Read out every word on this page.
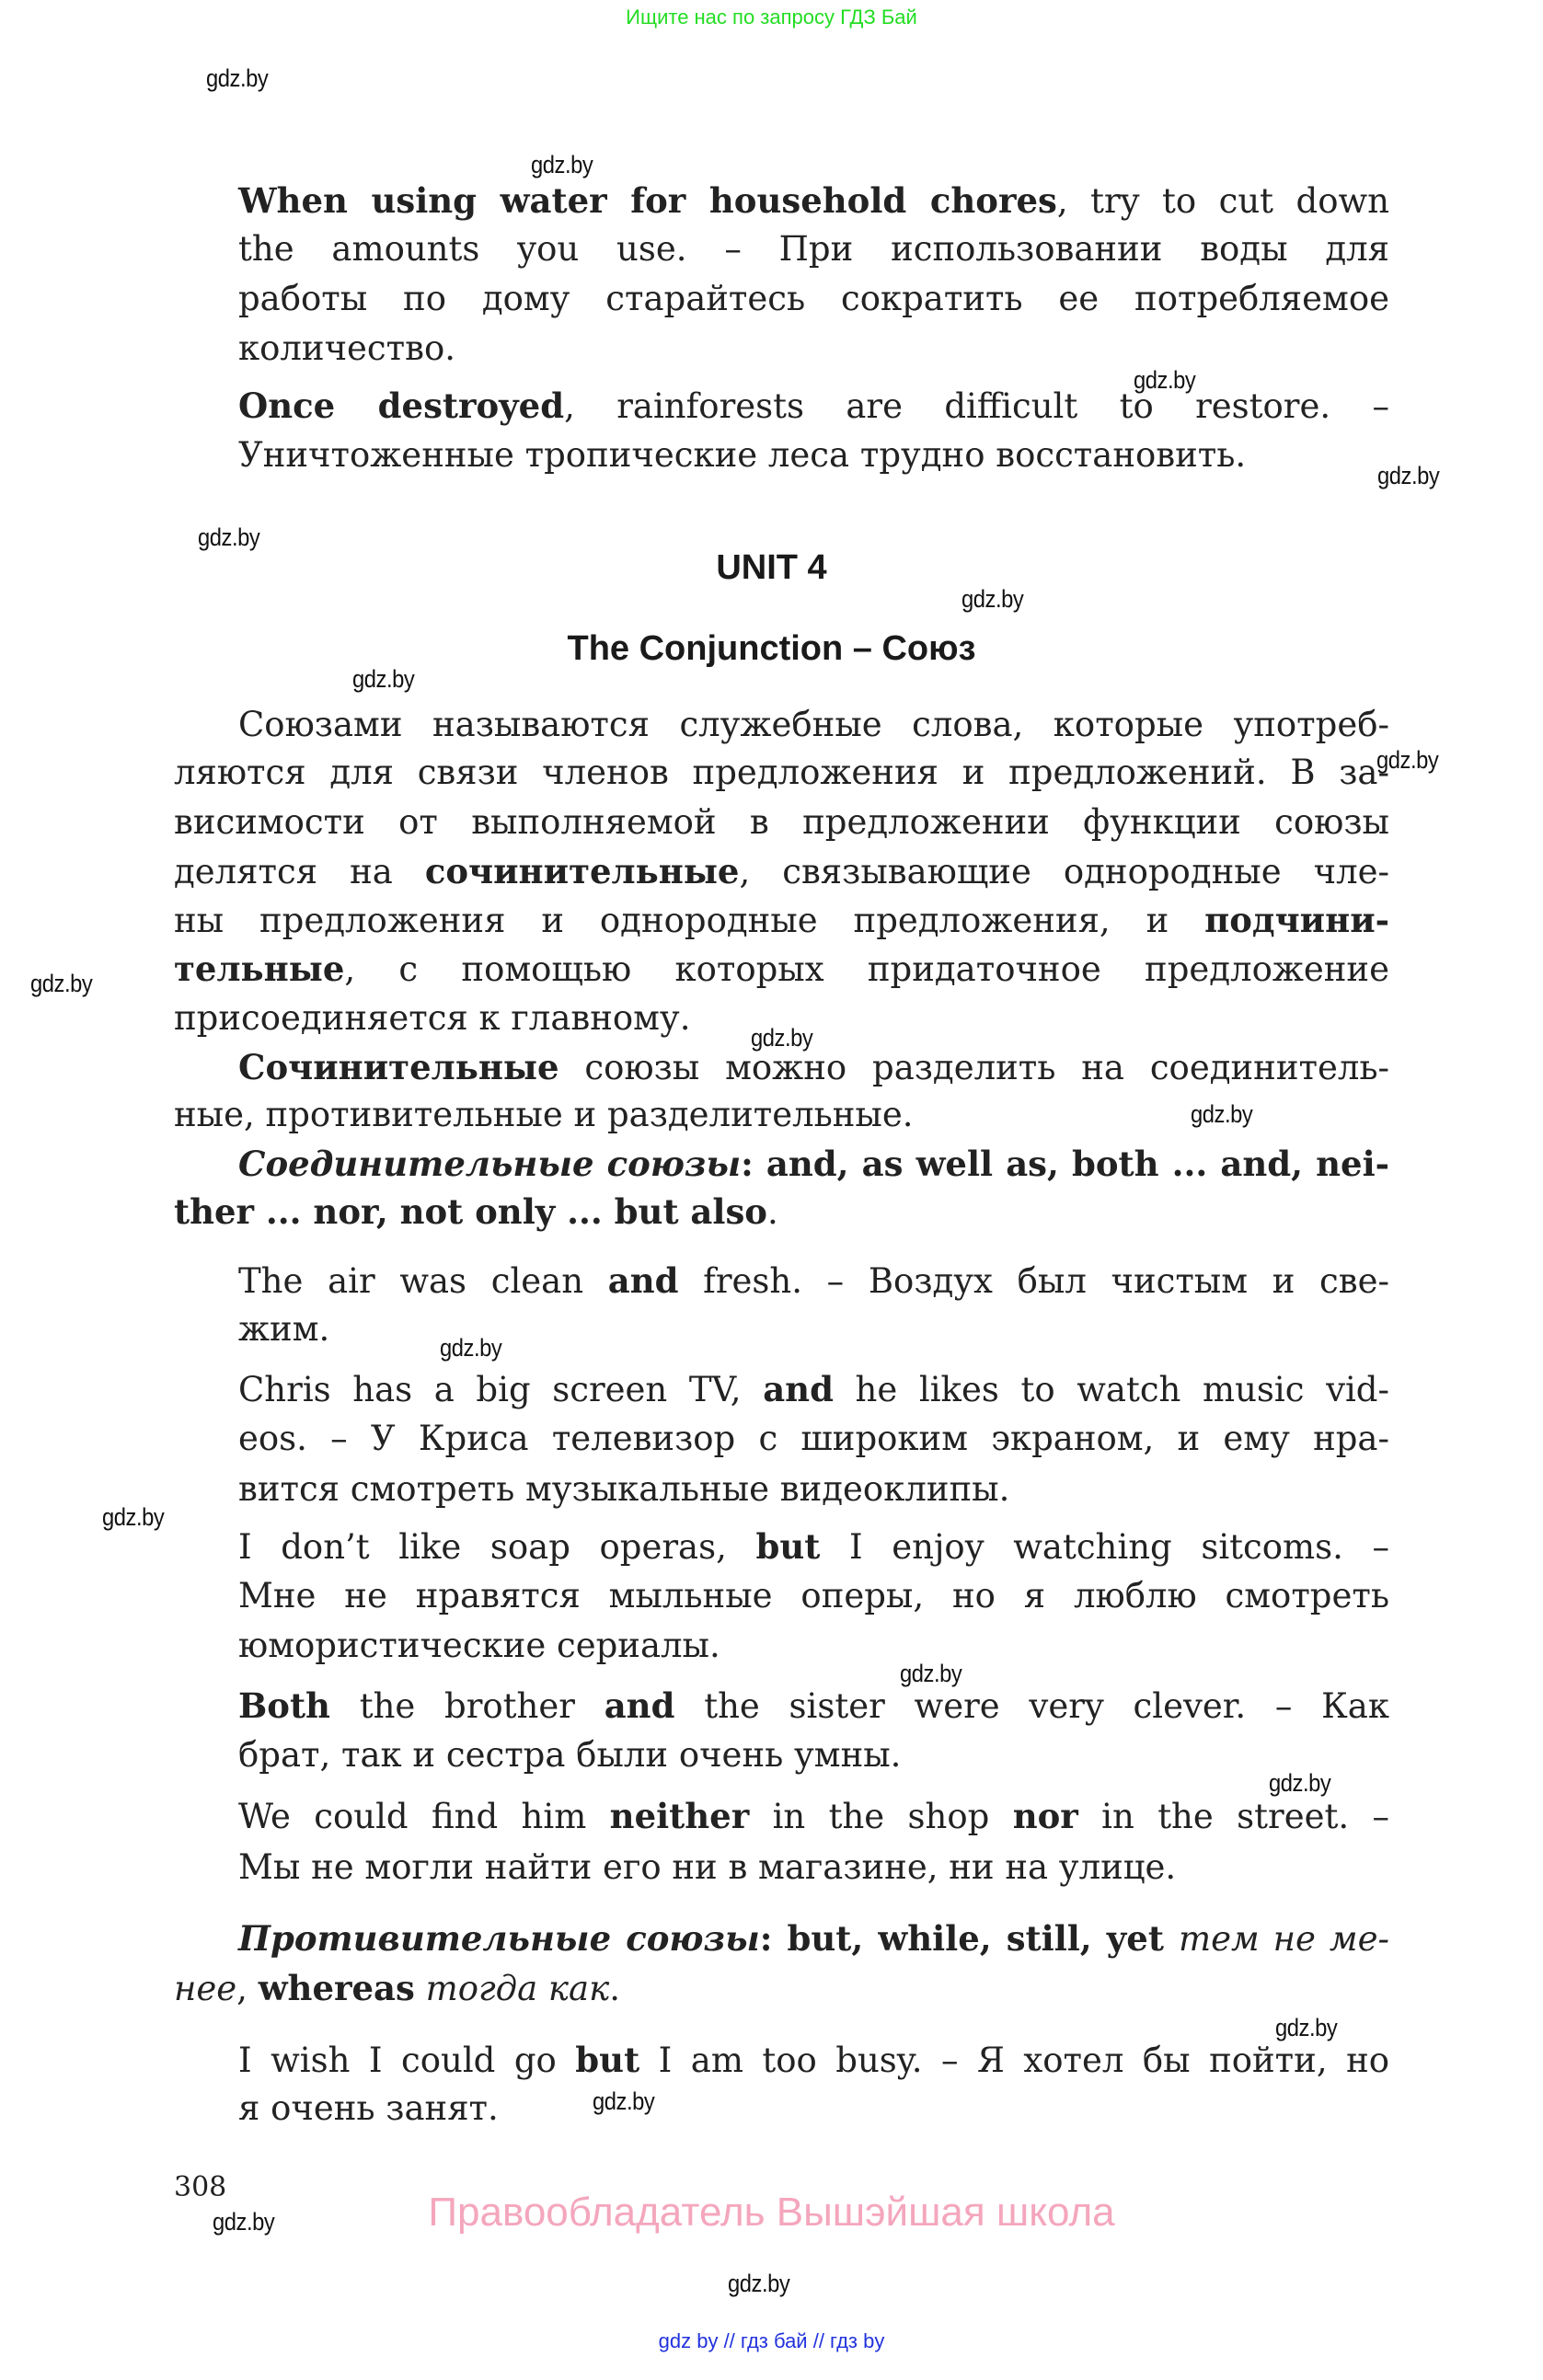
Ищите нас по запросу ГДЗ Бай
When using water for household chores, try to cut down
the amounts you use. – При использовании воды для
работы по дому старайтесь сократить ее потребляемое
количество.
Once destroyed, rainforests are difficult to restore. –
Уничтоженные тропические леса трудно восстановить.
Союзами называются служебные слова, которые употреб-
ляются для связи членов предложения и предложений. В за-
висимости от выполняемой в предложении функции союзы
делятся на сочинительные, связывающие однородные чле-
ны предложения и однородные предложения, и подчини-
тельные, с помощью которых придаточное предложение
присоединяется к главному.
Сочинительные союзы можно разделить на соединитель-
ные, противительные и разделительные.
Соединительные союзы: and, as well as, both ... and, nei-
ther ... nor, not only ... but also.
The air was clean and fresh. – Воздух был чистым и све-
жим.
Chris has a big screen TV, and he likes to watch music vid-
eos. – У Криса телевизор с широким экраном, и ему нра-
вится смотреть музыкальные видеоклипы.
I don’t like soap operas, but I enjoy watching sitcoms. –
Мне не нравятся мыльные оперы, но я люблю смотреть
юмористические сериалы.
Both the brother and the sister were very clever. – Как
брат, так и сестра были очень умны.
We could find him neither in the shop nor in the street. –
Мы не могли найти его ни в магазине, ни на улице.
Противительные союзы: but, while, still, yet тем не ме-
нее, whereas тогда как.
I wish I could go but I am too busy. – Я хотел бы пойти, но
я очень занят.
UNIT 4
The Conjunction – Союз
308
Правообладатель Вышэйшая школа
gdz by // гдз бай // гдз by
gdz.by
gdz.by
gdz.by
gdz.by
gdz.by
gdz.by
gdz.by
gdz.by
gdz.by
gdz.by
gdz.by
gdz.by
gdz.by
gdz.by
gdz.by
gdz.by
gdz.by
gdz.by
gdz.by
